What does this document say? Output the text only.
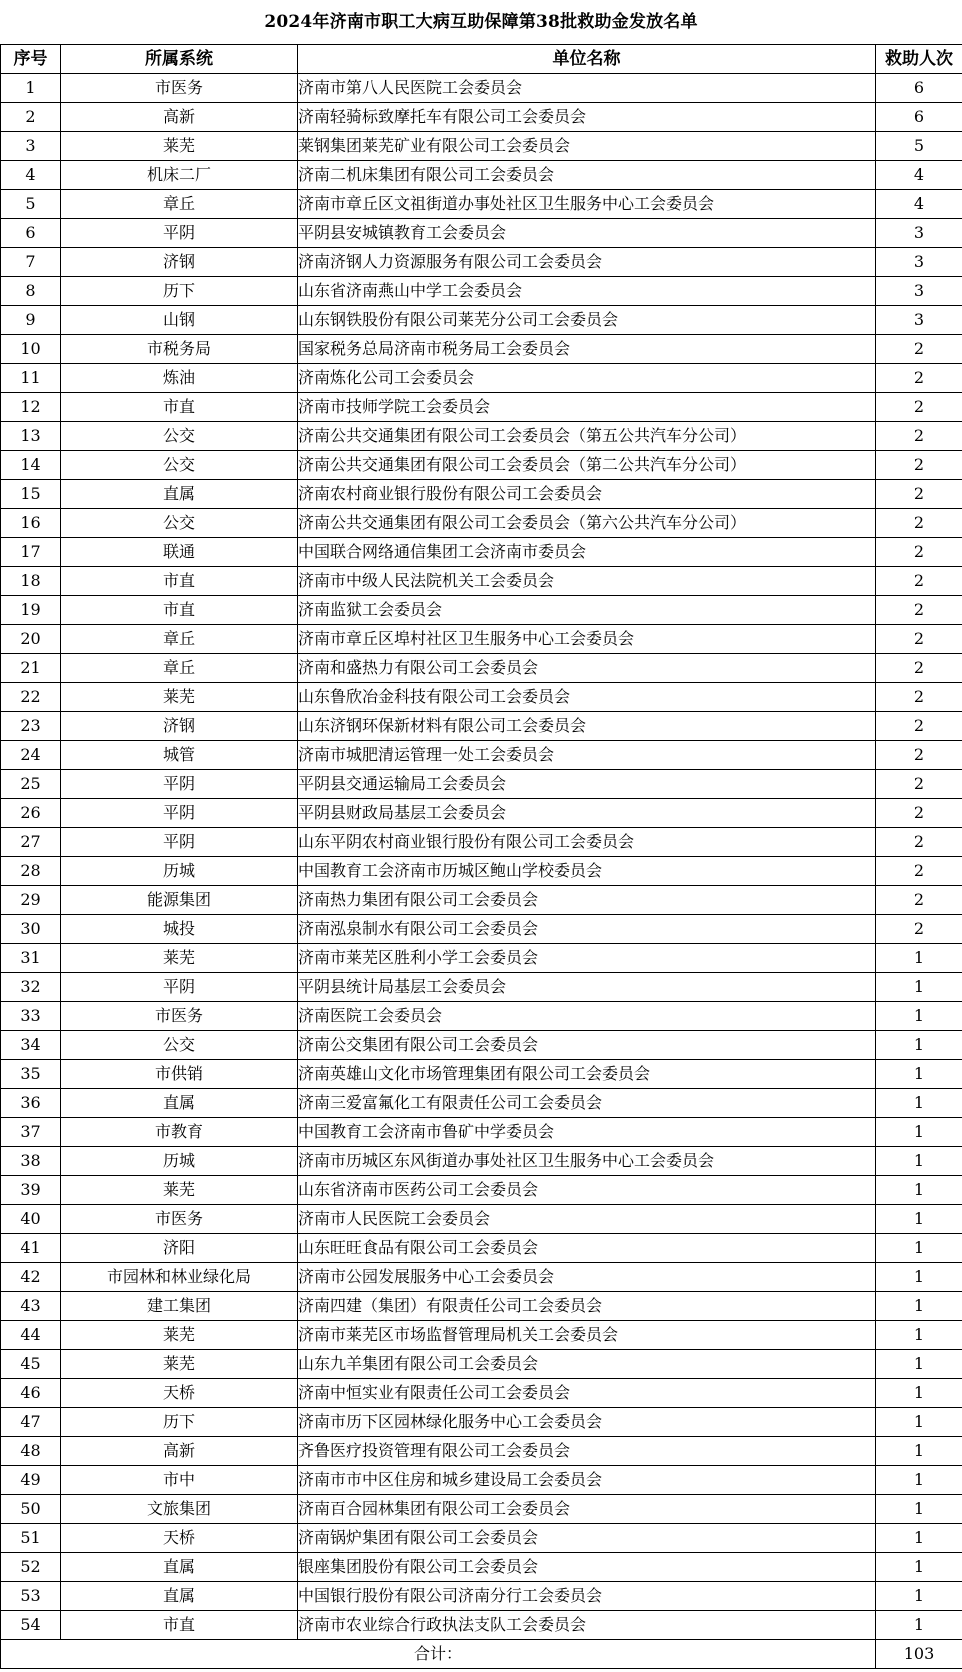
2024年济南市职工大病互助保障第38批救助金发放名单
序号	所属系统	单位名称	救助人次
1	市医务	济南市第八人民医院工会委员会	6
2	高新	济南轻骑标致摩托车有限公司工会委员会	6
3	莱芜	莱钢集团莱芜矿业有限公司工会委员会	5
4	机床二厂	济南二机床集团有限公司工会委员会	4
5	章丘	济南市章丘区文祖街道办事处社区卫生服务中心工会委员会	4
6	平阴	平阴县安城镇教育工会委员会	3
7	济钢	济南济钢人力资源服务有限公司工会委员会	3
8	历下	山东省济南燕山中学工会委员会	3
9	山钢	山东钢铁股份有限公司莱芜分公司工会委员会	3
10	市税务局	国家税务总局济南市税务局工会委员会	2
11	炼油	济南炼化公司工会委员会	2
12	市直	济南市技师学院工会委员会	2
13	公交	济南公共交通集团有限公司工会委员会（第五公共汽车分公司）	2
14	公交	济南公共交通集团有限公司工会委员会（第二公共汽车分公司）	2
15	直属	济南农村商业银行股份有限公司工会委员会	2
16	公交	济南公共交通集团有限公司工会委员会（第六公共汽车分公司）	2
17	联通	中国联合网络通信集团工会济南市委员会	2
18	市直	济南市中级人民法院机关工会委员会	2
19	市直	济南监狱工会委员会	2
20	章丘	济南市章丘区埠村社区卫生服务中心工会委员会	2
21	章丘	济南和盛热力有限公司工会委员会	2
22	莱芜	山东鲁欣冶金科技有限公司工会委员会	2
23	济钢	山东济钢环保新材料有限公司工会委员会	2
24	城管	济南市城肥清运管理一处工会委员会	2
25	平阴	平阴县交通运输局工会委员会	2
26	平阴	平阴县财政局基层工会委员会	2
27	平阴	山东平阴农村商业银行股份有限公司工会委员会	2
28	历城	中国教育工会济南市历城区鲍山学校委员会	2
29	能源集团	济南热力集团有限公司工会委员会	2
30	城投	济南泓泉制水有限公司工会委员会	2
31	莱芜	济南市莱芜区胜利小学工会委员会	1
32	平阴	平阴县统计局基层工会委员会	1
33	市医务	济南医院工会委员会	1
34	公交	济南公交集团有限公司工会委员会	1
35	市供销	济南英雄山文化市场管理集团有限公司工会委员会	1
36	直属	济南三爱富氟化工有限责任公司工会委员会	1
37	市教育	中国教育工会济南市鲁矿中学委员会	1
38	历城	济南市历城区东风街道办事处社区卫生服务中心工会委员会	1
39	莱芜	山东省济南市医药公司工会委员会	1
40	市医务	济南市人民医院工会委员会	1
41	济阳	山东旺旺食品有限公司工会委员会	1
42	市园林和林业绿化局	济南市公园发展服务中心工会委员会	1
43	建工集团	济南四建（集团）有限责任公司工会委员会	1
44	莱芜	济南市莱芜区市场监督管理局机关工会委员会	1
45	莱芜	山东九羊集团有限公司工会委员会	1
46	天桥	济南中恒实业有限责任公司工会委员会	1
47	历下	济南市历下区园林绿化服务中心工会委员会	1
48	高新	齐鲁医疗投资管理有限公司工会委员会	1
49	市中	济南市市中区住房和城乡建设局工会委员会	1
50	文旅集团	济南百合园林集团有限公司工会委员会	1
51	天桥	济南锅炉集团有限公司工会委员会	1
52	直属	银座集团股份有限公司工会委员会	1
53	直属	中国银行股份有限公司济南分行工会委员会	1
54	市直	济南市农业综合行政执法支队工会委员会	1
合计：			103
